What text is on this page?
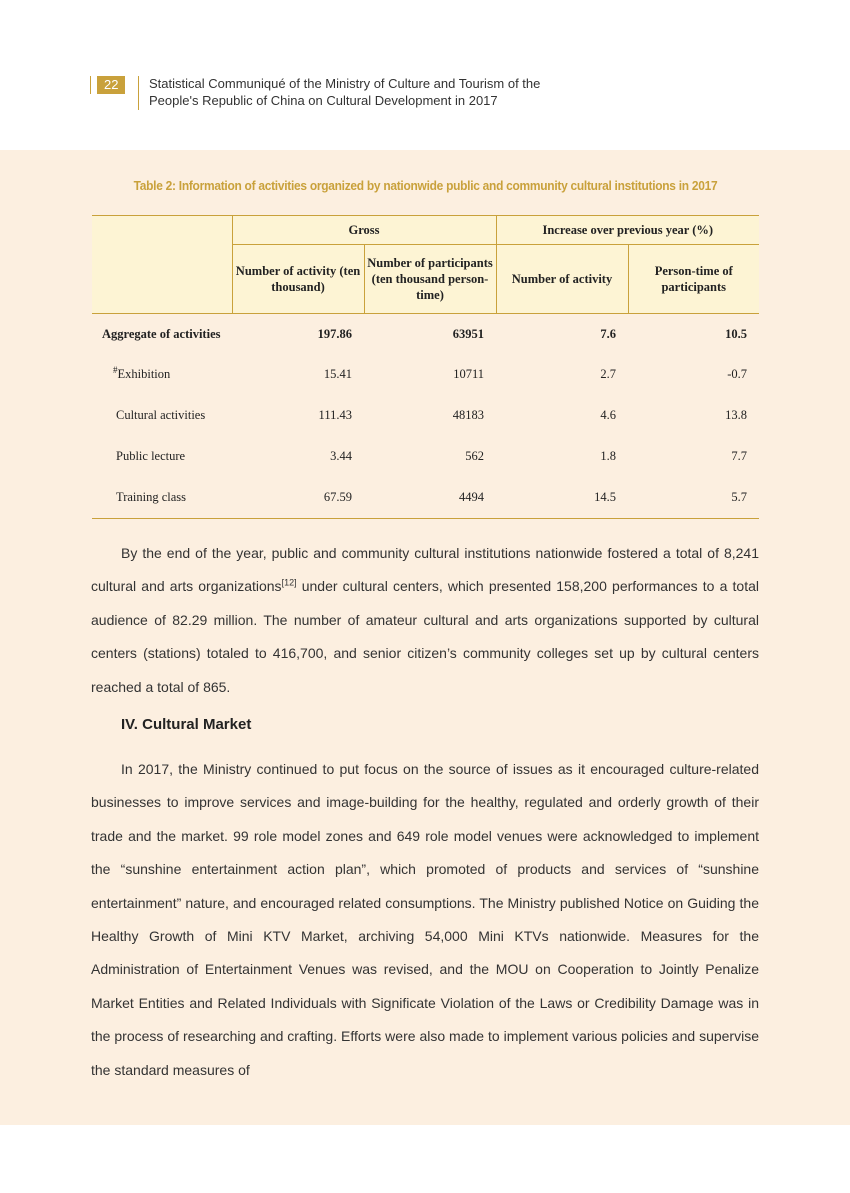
22	Statistical Communiqué of the Ministry of Culture and Tourism of the
People's Republic of China on Cultural Development in 2017
Table 2: Information of activities organized by nationwide public and community cultural institutions in 2017
	Gross		Increase over previous year (%)	
	Number of activity (ten thousand)	Number of participants (ten thousand person-time)	Number of activity	Person-time of participants
Aggregate of activities	197.86	63951	7.6	10.5
#Exhibition	15.41	10711	2.7	-0.7
Cultural activities	111.43	48183	4.6	13.8
Public lecture	3.44	562	1.8	7.7
Training class	67.59	4494	14.5	5.7

By the end of the year, public and community cultural institutions nationwide fostered a total of 8,241 cultural and arts organizations[12] under cultural centers, which presented 158,200 performances to a total audience of 82.29 million. The number of amateur cultural and arts organizations supported by cultural centers (stations) totaled to 416,700, and senior citizen’s community colleges set up by cultural centers reached a total of 865.

IV. Cultural Market

In 2017, the Ministry continued to put focus on the source of issues as it encouraged culture-related businesses to improve services and image-building for the healthy, regulated and orderly growth of their trade and the market. 99 role model zones and 649 role model venues were acknowledged to implement the “sunshine entertainment action plan”, which promoted of products and services of “sunshine entertainment” nature, and encouraged related consumptions. The Ministry published Notice on Guiding the Healthy Growth of Mini KTV Market, archiving 54,000 Mini KTVs nationwide. Measures for the Administration of Entertainment Venues was revised, and the MOU on Cooperation to Jointly Penalize Market Entities and Related Individuals with Significate Violation of the Laws or Credibility Damage was in the process of researching and crafting. Efforts were also made to implement various policies and supervise the standard measures of
